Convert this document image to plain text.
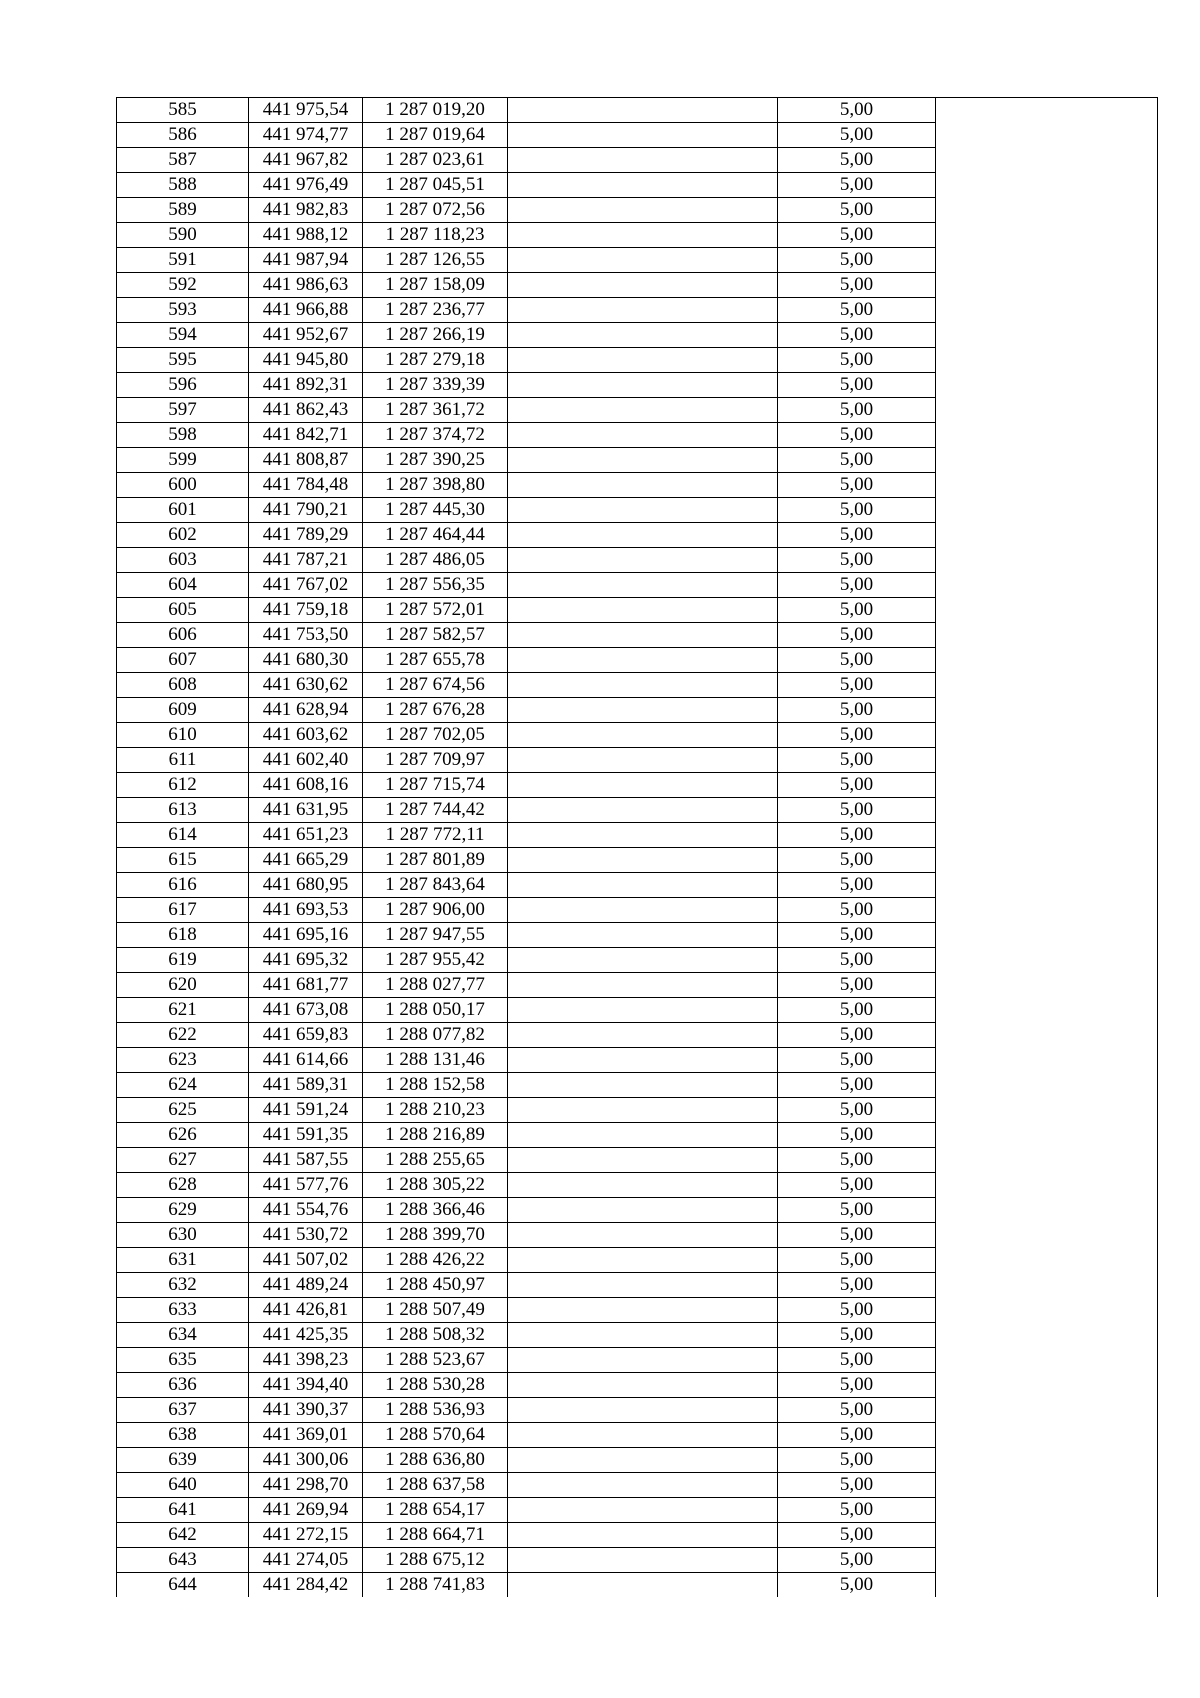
585	441 975,54	1 287 019,20		5,00	
586	441 974,77	1 287 019,64		5,00	
587	441 967,82	1 287 023,61		5,00	
588	441 976,49	1 287 045,51		5,00	
589	441 982,83	1 287 072,56		5,00	
590	441 988,12	1 287 118,23		5,00	
591	441 987,94	1 287 126,55		5,00	
592	441 986,63	1 287 158,09		5,00	
593	441 966,88	1 287 236,77		5,00	
594	441 952,67	1 287 266,19		5,00	
595	441 945,80	1 287 279,18		5,00	
596	441 892,31	1 287 339,39		5,00	
597	441 862,43	1 287 361,72		5,00	
598	441 842,71	1 287 374,72		5,00	
599	441 808,87	1 287 390,25		5,00	
600	441 784,48	1 287 398,80		5,00	
601	441 790,21	1 287 445,30		5,00	
602	441 789,29	1 287 464,44		5,00	
603	441 787,21	1 287 486,05		5,00	
604	441 767,02	1 287 556,35		5,00	
605	441 759,18	1 287 572,01		5,00	
606	441 753,50	1 287 582,57		5,00	
607	441 680,30	1 287 655,78		5,00	
608	441 630,62	1 287 674,56		5,00	
609	441 628,94	1 287 676,28		5,00	
610	441 603,62	1 287 702,05		5,00	
611	441 602,40	1 287 709,97		5,00	
612	441 608,16	1 287 715,74		5,00	
613	441 631,95	1 287 744,42		5,00	
614	441 651,23	1 287 772,11		5,00	
615	441 665,29	1 287 801,89		5,00	
616	441 680,95	1 287 843,64		5,00	
617	441 693,53	1 287 906,00		5,00	
618	441 695,16	1 287 947,55		5,00	
619	441 695,32	1 287 955,42		5,00	
620	441 681,77	1 288 027,77		5,00	
621	441 673,08	1 288 050,17		5,00	
622	441 659,83	1 288 077,82		5,00	
623	441 614,66	1 288 131,46		5,00	
624	441 589,31	1 288 152,58		5,00	
625	441 591,24	1 288 210,23		5,00	
626	441 591,35	1 288 216,89		5,00	
627	441 587,55	1 288 255,65		5,00	
628	441 577,76	1 288 305,22		5,00	
629	441 554,76	1 288 366,46		5,00	
630	441 530,72	1 288 399,70		5,00	
631	441 507,02	1 288 426,22		5,00	
632	441 489,24	1 288 450,97		5,00	
633	441 426,81	1 288 507,49		5,00	
634	441 425,35	1 288 508,32		5,00	
635	441 398,23	1 288 523,67		5,00	
636	441 394,40	1 288 530,28		5,00	
637	441 390,37	1 288 536,93		5,00	
638	441 369,01	1 288 570,64		5,00	
639	441 300,06	1 288 636,80		5,00	
640	441 298,70	1 288 637,58		5,00	
641	441 269,94	1 288 654,17		5,00	
642	441 272,15	1 288 664,71		5,00	
643	441 274,05	1 288 675,12		5,00	
644	441 284,42	1 288 741,83		5,00	
